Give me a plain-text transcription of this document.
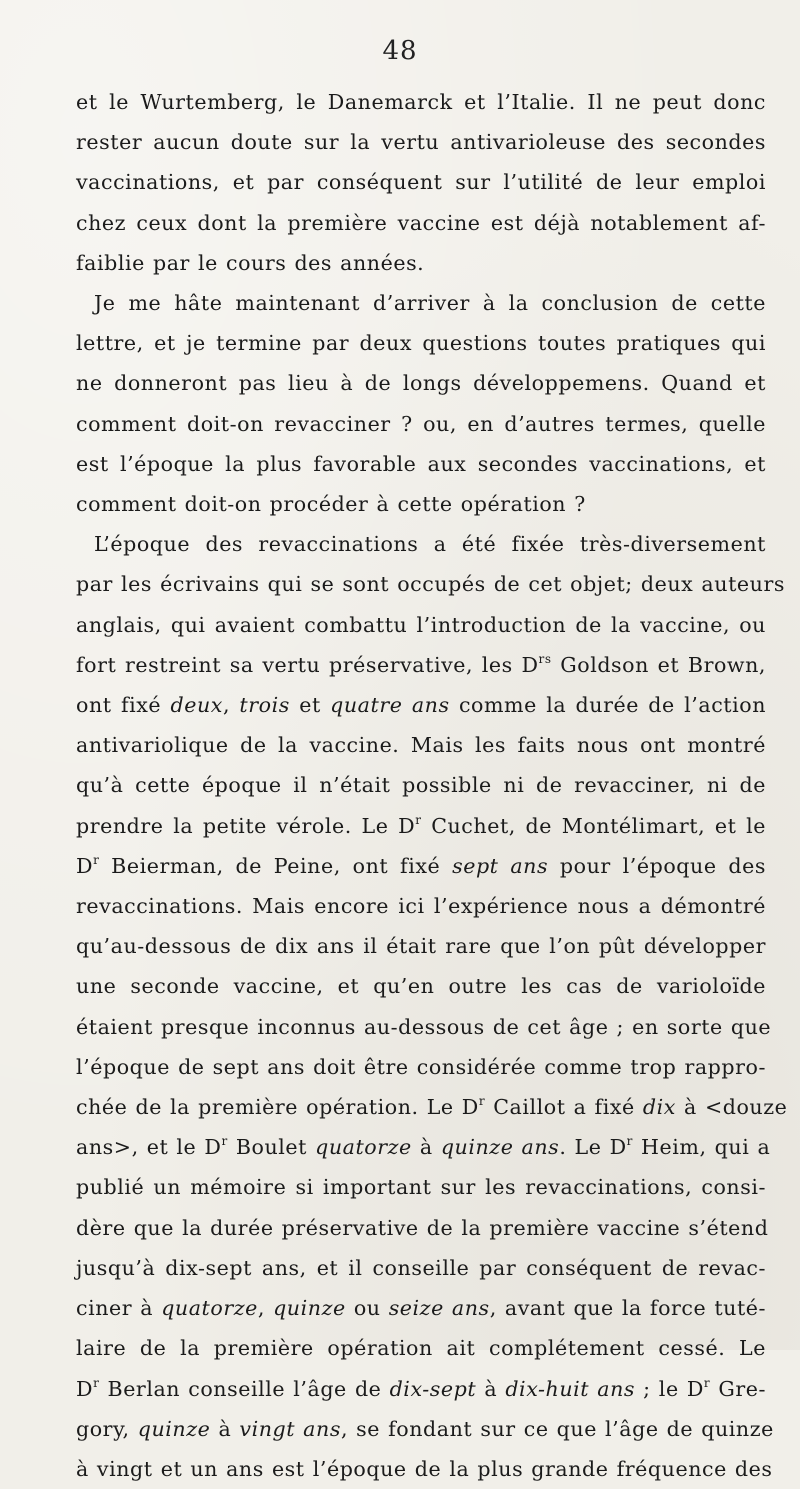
48
et le Wurtemberg, le Danemarck et l’Italie. Il ne peut donc
rester aucun doute sur la vertu antivarioleuse des secondes
vaccinations, et par conséquent sur l’utilité de leur emploi
chez ceux dont la première vaccine est déjà notablement af-
faiblie par le cours des années.
Je me hâte maintenant d’arriver à la conclusion de cette
lettre, et je termine par deux questions toutes pratiques qui
ne donneront pas lieu à de longs développemens. Quand et
comment doit-on revacciner ? ou, en d’autres termes, quelle
est l’époque la plus favorable aux secondes vaccinations, et
comment doit-on procéder à cette opération ?
L’époque des revaccinations a été fixée très-diversement
par les écrivains qui se sont occupés de cet objet; deux auteurs
anglais, qui avaient combattu l’introduction de la vaccine, ou
fort restreint sa vertu préservative, les $D^{rs}$ Goldson et Brown,
ont fixé deux, trois et quatre ans comme la durée de l’action
antivariolique de la vaccine. Mais les faits nous ont montré
qu’à cette époque il n’était possible ni de revacciner, ni de
prendre la petite vérole. Le $D^r$ Cuchet, de Montélimart, et le
$D^r$ Beierman, de Peine, ont fixé sept ans pour l’époque des
revaccinations. Mais encore ici l’expérience nous a démontré
qu’au-dessous de dix ans il était rare que l’on pût développer
une seconde vaccine, et qu’en outre les cas de varioloïde
étaient presque inconnus au-dessous de cet âge ; en sorte que
l’époque de sept ans doit être considérée comme trop rappro-
chée de la première opération. Le $D^r$ Caillot a fixé dix à <douze
ans>, et le $D^r$ Boulet quatorze à quinze ans. Le $D^r$ Heim, qui a
publié un mémoire si important sur les revaccinations, consi-
dère que la durée préservative de la première vaccine s’étend
jusqu’à dix-sept ans, et il conseille par conséquent de revac-
ciner à quatorze, quinze ou seize ans, avant que la force tuté-
laire de la première opération ait complétement cessé. Le
$D^r$ Berlan conseille l’âge de dix-sept à dix-huit ans ; le $D^r$ Gre-
gory, quinze à vingt ans, se fondant sur ce que l’âge de quinze
à vingt et un ans est l’époque de la plus grande fréquence des
